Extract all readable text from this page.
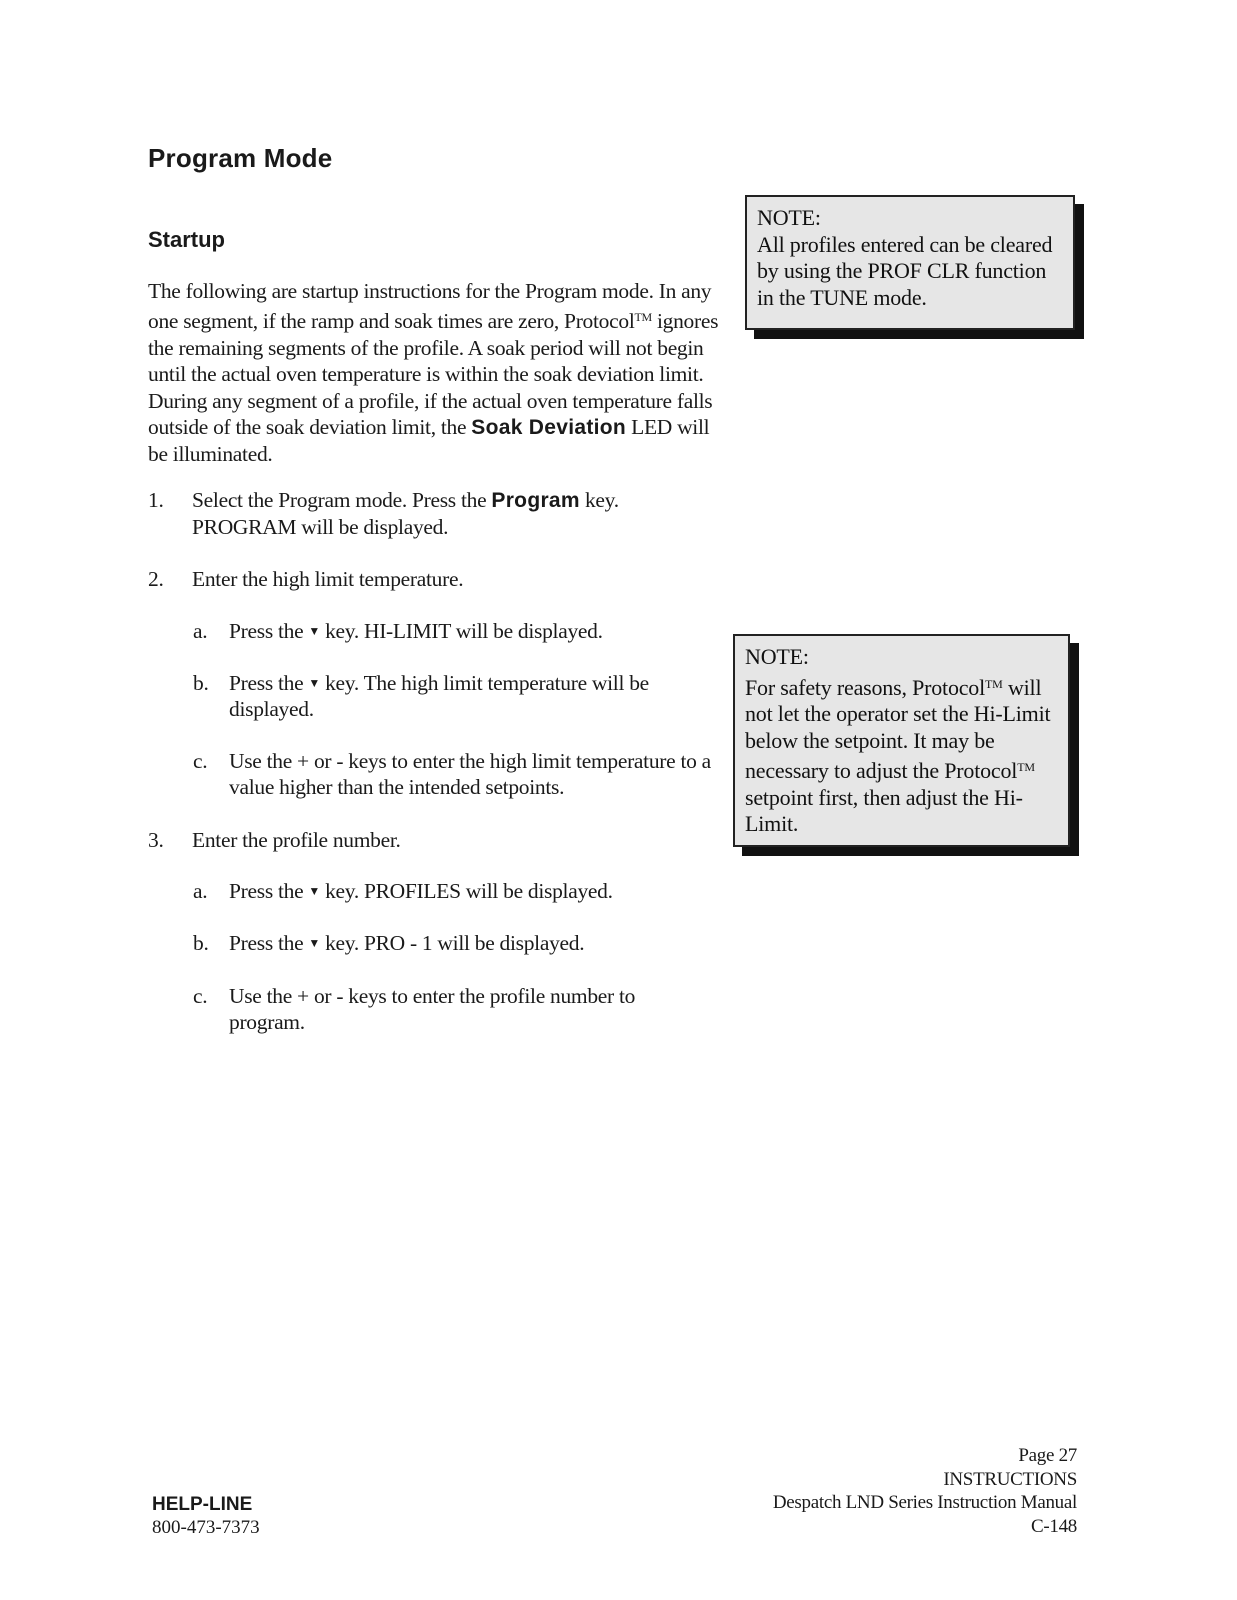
Program Mode
Startup

The following are startup instructions for the Program mode. In any one segment, if the ramp and soak times are zero, Protocol™ ignores the remaining segments of the profile. A soak period will not begin until the actual oven temperature is within the soak deviation limit. During any segment of a profile, if the actual oven temperature falls outside of the soak deviation limit, the Soak Deviation LED will be illuminated.

1.	Select the Program mode. Press the Program key.
PROGRAM will be displayed.
2.	Enter the high limit temperature.
a.	Press the ▼ key. HI-LIMIT will be displayed.
b. Press the ▼ key. The high limit temperature will be displayed.
c.	Use the + or - keys to enter the high limit temperature to a value higher than the intended setpoints.
3.	Enter the profile number.
a.	Press the ▼ key. PROFILES will be displayed.
b. Press the ▼ key. PRO - 1 will be displayed.
c.	Use the + or - keys to enter the profile number to program.

NOTE:

All profiles entered can be cleared by using the PROF CLR function in the TUNE mode.

NOTE:

For safety reasons, Protocol™ will not let the operator set the Hi-Limit below the setpoint. It may be necessary to adjust the Protocol™ setpoint first, then adjust the Hi-Limit.

HELP-LINE
800-473-7373
Page 27
INSTRUCTIONS
Despatch LND Series Instruction Manual
C-148
